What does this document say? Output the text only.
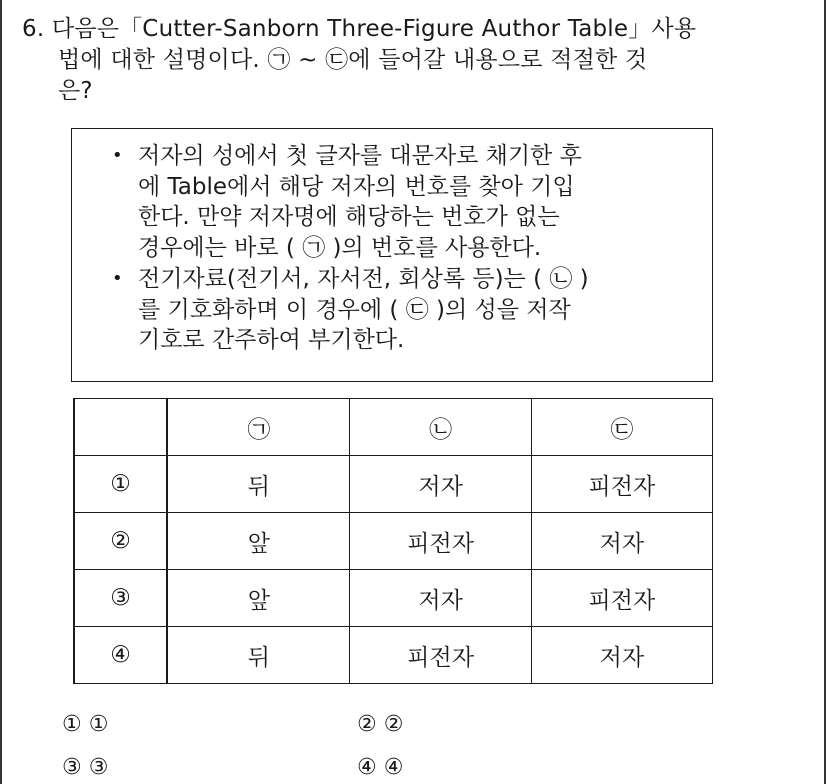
6. 다음은「Cutter-Sanborn Three-Figure Author Table」사용
법에 대한 설명이다. ㉠ ~ ㉢에 들어갈 내용으로 적절한 것
은?
• 저자의 성에서 첫 글자를 대문자로 채기한 후
에 Table에서 해당 저자의 번호를 찾아 기입
한다. 만약 저자명에 해당하는 번호가 없는
경우에는 바로 ( ㉠ )의 번호를 사용한다.
• 전기자료(전기서, 자서전, 회상록 등)는 ( ㉡ )
를 기호화하며 이 경우에 ( ㉢ )의 성을 저작
기호로 간주하여 부기한다.
	㉠	㉡	㉢
①	뒤	저자	피전자
②	앞	피전자	저자
③	앞	저자	피전자
④	뒤	피전자	저자
① ①	② ②
③ ③	④ ④
